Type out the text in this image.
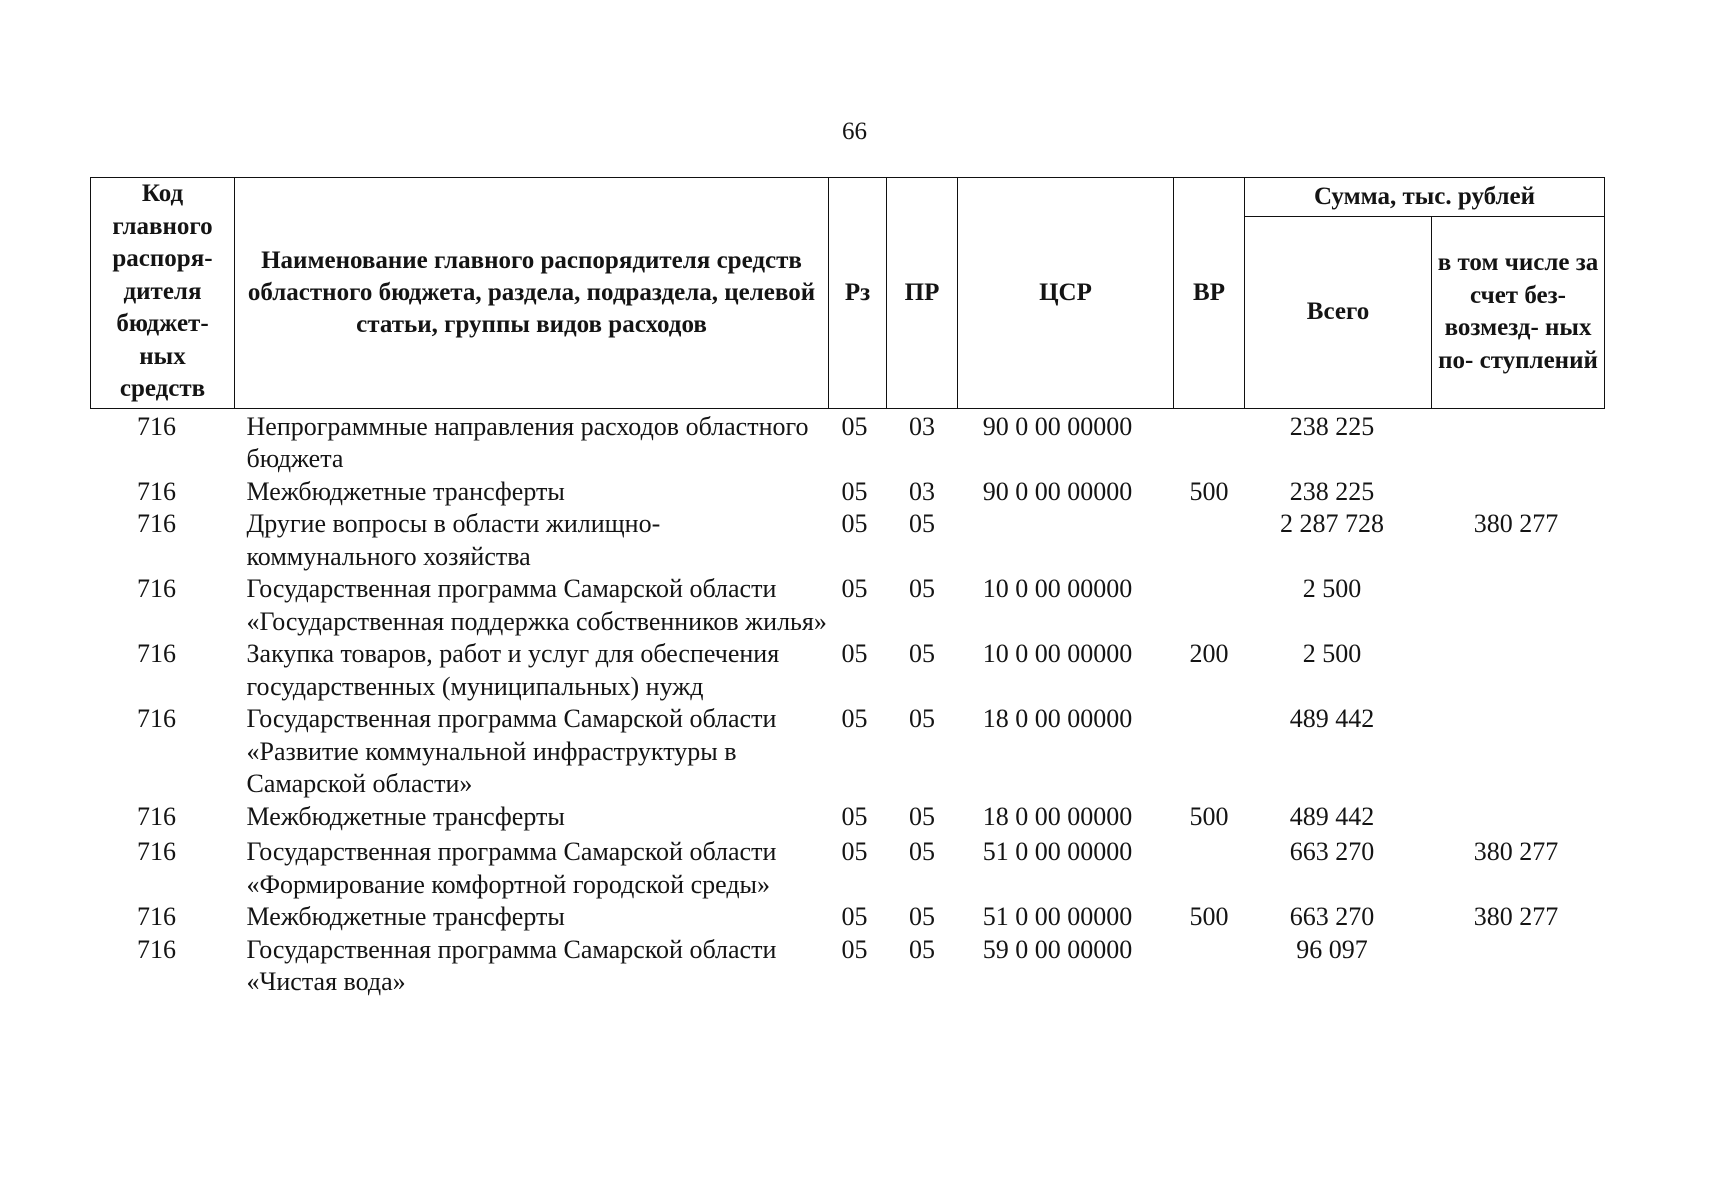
66
Код главного распоря- дителя бюджет- ных средств	Наименование главного распорядителя средств областного бюджета, раздела, подраздела, целевой статьи, группы видов расходов	Рз	ПР	ЦСР	ВР	Сумма, тыс. рублей	
						Всего	в том числе за счет без- возмезд- ных по- ступлений
716	Непрограммные направления расходов областного бюджета	05	03	90 0 00 00000		238 225	
716	Межбюджетные трансферты	05	03	90 0 00 00000	500	238 225	
716	Другие вопросы в области жилищно-коммунального хозяйства	05	05			2 287 728	380 277
716	Государственная программа Самарской области «Государственная поддержка собственников жилья»	05	05	10 0 00 00000		2 500	
716	Закупка товаров, работ и услуг для обеспечения государственных (муниципальных) нужд	05	05	10 0 00 00000	200	2 500	
716	Государственная программа Самарской области «Развитие коммунальной инфраструктуры в Самарской области»	05	05	18 0 00 00000		489 442	
716	Межбюджетные трансферты	05	05	18 0 00 00000	500	489 442	
716	Государственная программа Самарской области «Формирование комфортной городской среды»	05	05	51 0 00 00000		663 270	380 277
716	Межбюджетные трансферты	05	05	51 0 00 00000	500	663 270	380 277
716	Государственная программа Самарской области «Чистая вода»	05	05	59 0 00 00000		96 097	
